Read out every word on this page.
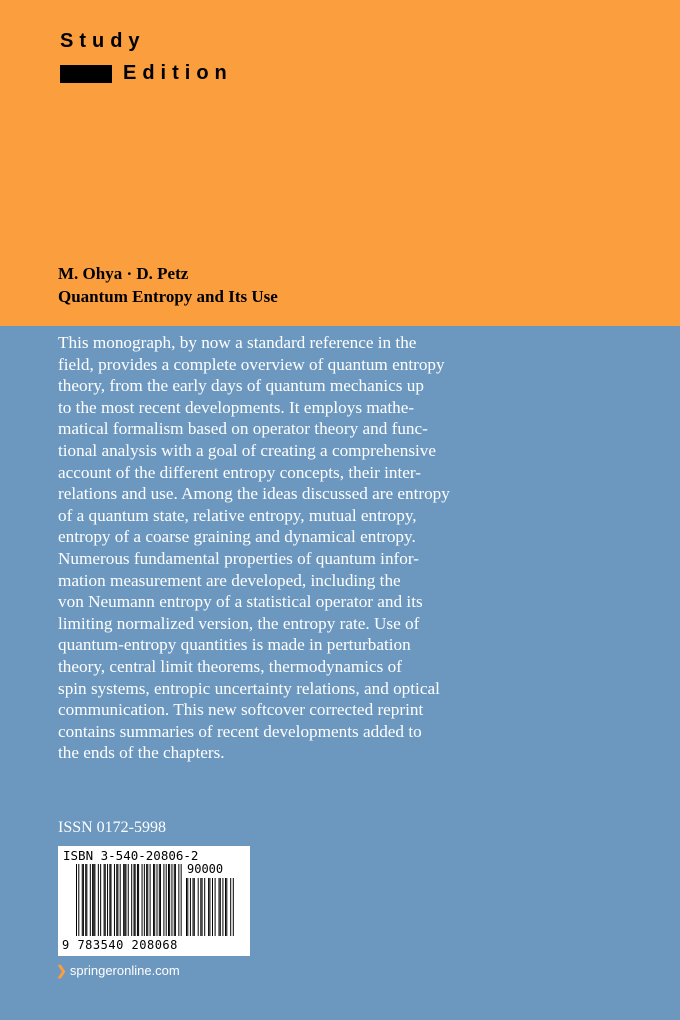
Study
Edition
M. Ohya · D. Petz
Quantum Entropy and Its Use
This monograph, by now a standard reference in the
field, provides a complete overview of quantum entropy
theory, from the early days of quantum mechanics up
to the most recent developments. It employs mathe-
matical formalism based on operator theory and func-
tional analysis with a goal of creating a comprehensive
account of the different entropy concepts, their inter-
relations and use. Among the ideas discussed are entropy
of a quantum state, relative entropy, mutual entropy,
entropy of a coarse graining and dynamical entropy.
Numerous fundamental properties of quantum infor-
mation measurement are developed, including the
von Neumann entropy of a statistical operator and its
limiting normalized version, the entropy rate. Use of
quantum-entropy quantities is made in perturbation
theory, central limit theorems, thermodynamics of
spin systems, entropic uncertainty relations, and optical
communication. This new softcover corrected reprint
contains summaries of recent developments added to
the ends of the chapters.
ISSN 0172-5998
ISBN 3-540-20806-2
90000
9 783540 208068
❯ springeronline.com
